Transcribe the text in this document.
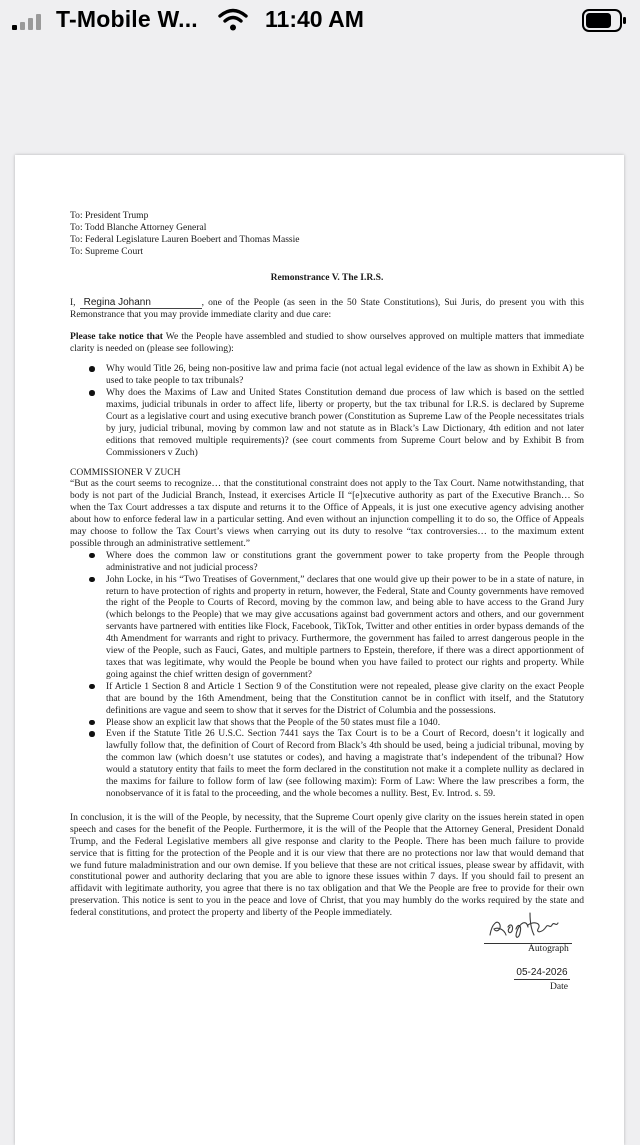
T-Mobile W...	11:40 AM
To: President Trump
To: Todd Blanche Attorney General
To: Federal Legislature Lauren Boebert and Thomas Massie
To: Supreme Court
Remonstrance V. The I.R.S.
I, Regina Johann	, one of the People (as seen in the 50 State Constitutions), Sui Juris, do present you with this Remonstrance that you may provide immediate clarity and due care:
Please take notice that We the People have assembled and studied to show ourselves approved on multiple matters that immediate clarity is needed on (please see following):
Why would Title 26, being non-positive law and prima facie (not actual legal evidence of the law as shown in Exhibit A) be used to take people to tax tribunals?
Why does the Maxims of Law and United States Constitution demand due process of law which is based on the settled maxims, judicial tribunals in order to affect life, liberty or property, but the tax tribunal for I.R.S. is declared by Supreme Court as a legislative court and using executive branch power (Constitution as Supreme Law of the People necessitates trials by jury, judicial tribunal, moving by common law and not statute as in Black’s Law Dictionary, 4th edition and not later editions that removed multiple requirements)? (see court comments from Supreme Court below and by Exhibit B from Commissioners v Zuch)
COMMISSIONER V ZUCH
“But as the court seems to recognize… that the constitutional constraint does not apply to the Tax Court. Name notwithstanding, that body is not part of the Judicial Branch, Instead, it exercises Article II “[e]xecutive authority as part of the Executive Branch… So when the Tax Court addresses a tax dispute and returns it to the Office of Appeals, it is just one executive agency advising another about how to enforce federal law in a particular setting. And even without an injunction compelling it to do so, the Office of Appeals may choose to follow the Tax Court’s views when carrying out its duty to resolve “tax controversies… to the maximum extent possible through an administrative settlement.”
Where does the common law or constitutions grant the government power to take property from the People through administrative and not judicial process?
John Locke, in his “Two Treatises of Government,” declares that one would give up their power to be in a state of nature, in return to have protection of rights and property in return, however, the Federal, State and County governments have removed the right of the People to Courts of Record, moving by the common law, and being able to have access to the Grand Jury (which belongs to the People) that we may give accusations against bad government actors and others, and our government servants have partnered with entities like Flock, Facebook, TikTok, Twitter and other entities in order bypass demands of the 4th Amendment for warrants and right to privacy. Furthermore, the government has failed to arrest dangerous people in the view of the People, such as Fauci, Gates, and multiple partners to Epstein, therefore, if there was a direct apportionment of taxes that was legitimate, why would the People be bound when you have failed to protect our rights and property. While going against the chief written design of government?
If Article 1 Section 8 and Article 1 Section 9 of the Constitution were not repealed, please give clarity on the exact People that are bound by the 16th Amendment, being that the Constitution cannot be in conflict with itself, and the Statutory definitions are vague and seem to show that it serves for the District of Columbia and the possessions.
Please show an explicit law that shows that the People of the 50 states must file a 1040.
Even if the Statute Title 26 U.S.C. Section 7441 says the Tax Court is to be a Court of Record, doesn’t it logically and lawfully follow that, the definition of Court of Record from Black’s 4th should be used, being a judicial tribunal, moving by the common law (which doesn’t use statutes or codes), and having a magistrate that’s independent of the tribunal? How would a statutory entity that fails to meet the form declared in the constitution not make it a complete nullity as declared in the maxims for failure to follow form of law (see following maxim): Form of Law: Where the law prescribes a form, the nonobservance of it is fatal to the proceeding, and the whole becomes a nullity. Best, Ev. Introd. s. 59.
In conclusion, it is the will of the People, by necessity, that the Supreme Court openly give clarity on the issues herein stated in open speech and cases for the benefit of the People. Furthermore, it is the will of the People that the Attorney General, President Donald Trump, and the Federal Legislative members all give response and clarity to the People. There has been much failure to provide service that is fitting for the protection of the People and it is our view that there are no protections nor law that would demand that we fund future maladministration and our own demise. If you believe that these are not critical issues, please swear by affidavit, with constitutional power and authority declaring that you are able to ignore these issues within 7 days. If you should fail to present an affidavit with legitimate authority, you agree that there is no tax obligation and that We the People are free to provide for their own preservation. This notice is sent to you in the peace and love of Christ, that you may humbly do the works required by the state and federal constitutions, and protect the property and liberty of the People immediately.
Autograph
05-24-2026
Date
